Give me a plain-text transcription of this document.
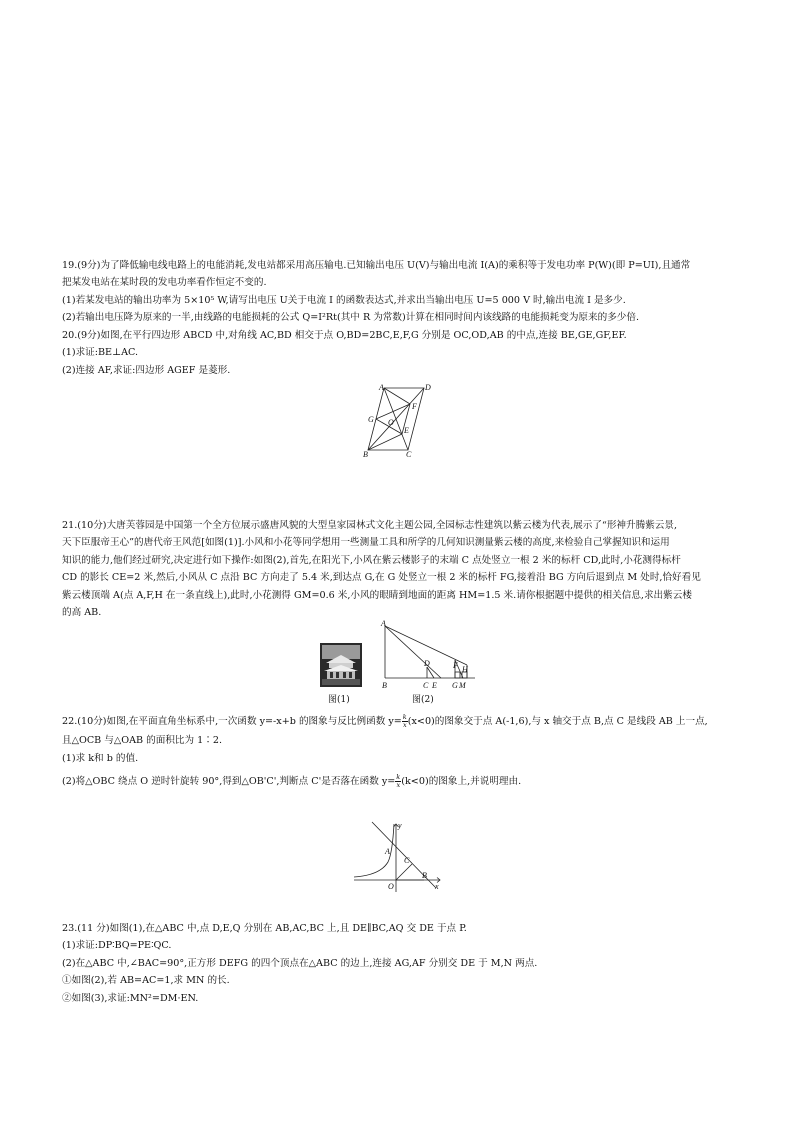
19.(9分)为了降低输电线电路上的电能消耗,发电站都采用高压输电.已知输出电压 U(V)与输出电流 I(A)的乘积等于发电功率 P(W)(即 P=UI),且通常

把某发电站在某时段的发电功率看作恒定不变的.

(1)若某发电站的输出功率为 5×10⁵ W,请写出电压 U关于电流 I 的函数表达式,并求出当输出电压 U=5 000 V 时,输出电流 I 是多少.

(2)若输出电压降为原来的一半,由线路的电能损耗的公式 Q=I²Rt(其中 R 为常数)计算在相同时间内该线路的电能损耗变为原来的多少倍.

20.(9分)如图,在平行四边形 ABCD 中,对角线 AC,BD 相交于点 O,BD=2BC,E,F,G 分别是 OC,OD,AB 的中点,连接 BE,GE,GF,EF.

(1)求证:BE⊥AC.

(2)连接 AF,求证:四边形 AGEF 是菱形.

A	D
G
F
O
E
B	C

21.(10分)大唐芙蓉园是中国第一个全方位展示盛唐风貌的大型皇家园林式文化主题公园,全园标志性建筑以紫云楼为代表,展示了“形神升腾紫云景,

天下臣服帝王心”的唐代帝王风范[如图(1)].小风和小花等同学想用一些测量工具和所学的几何知识测量紫云楼的高度,来检验自己掌握知识和运用

知识的能力,他们经过研究,决定进行如下操作:如图(2),首先,在阳光下,小风在紫云楼影子的末端 C 点处竖立一根 2 米的标杆 CD,此时,小花测得标杆

CD 的影长 CE=2 米,然后,小风从 C 点沿 BC 方向走了 5.4 米,到达点 G,在 G 处竖立一根 2 米的标杆 FG,接着沿 BG 方向后退到点 M 处时,恰好看见

紫云楼顶端 A(点 A,F,H 在一条直线上),此时,小花测得 GM=0.6 米,小风的眼睛到地面的距离 HM=1.5 米.请你根据题中提供的相关信息,求出紫云楼

的高 AB.

图(1)
A
D	F H
B	C E G M
图(2)

22.(10分)如图,在平面直角坐标系中,一次函数 y=-x+b 的图象与反比例函数 $y= \frac{k}{x} (x<0)$的图象交于点 A(-1,6),与 x 轴交于点 B,点 C 是线段 AB 上一点,

且△OCB 与△OAB 的面积比为 1∶2.

(1)求 k和 b 的值.

(2)将△OBC 绕点 O 逆时针旋转 90°,得到△OB'C',判断点 C'是否落在函数 $y= \frac{k}{x} (k<0)$的图象上,并说明理由.

y
x
A
C
O
B

23.(11 分)如图(1),在△ABC 中,点 D,E,Q 分别在 AB,AC,BC 上,且 DE∥BC,AQ 交 DE 于点 P.

(1)求证:DP∶BQ=PE∶QC.

(2)在△ABC 中,∠BAC=90°,正方形 DEFG 的四个顶点在△ABC 的边上,连接 AG,AF 分别交 DE 于 M,N 两点.

①如图(2),若 AB=AC=1,求 MN 的长.

②如图(3),求证:MN²=DM·EN.
